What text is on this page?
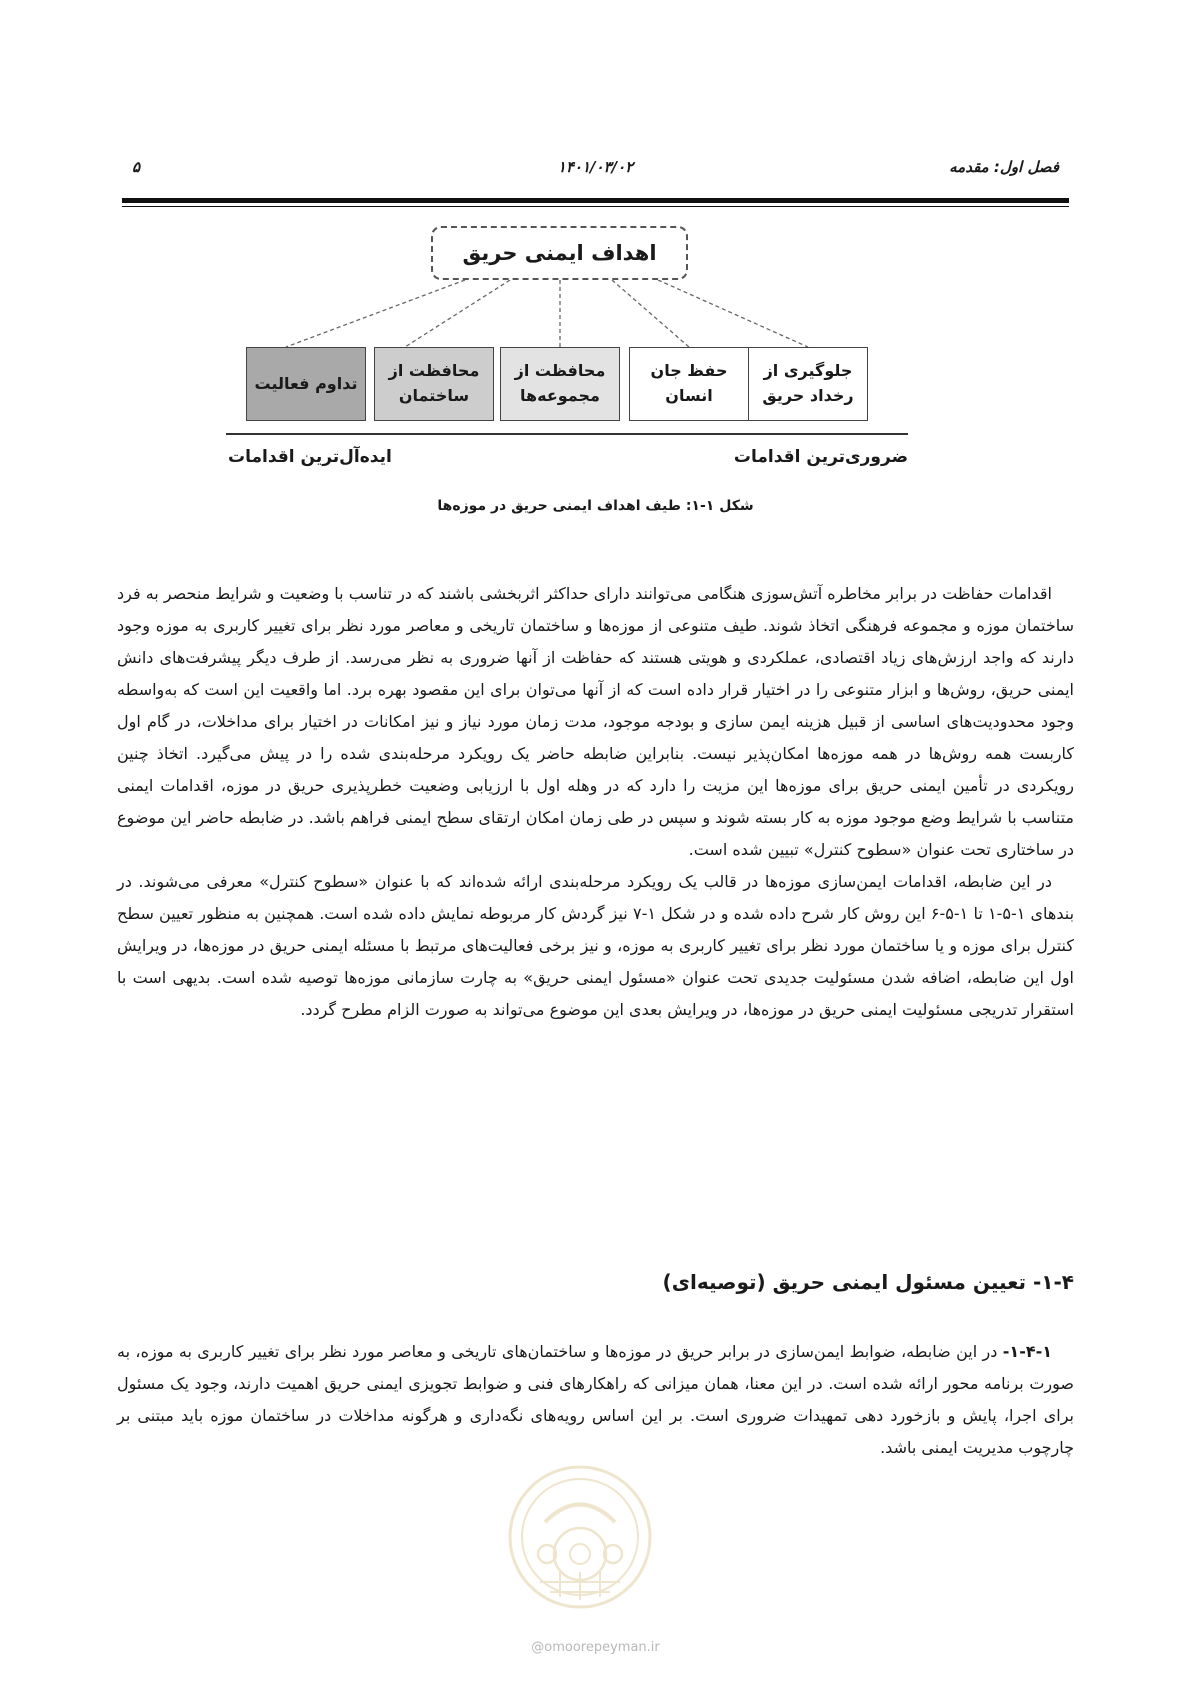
فصل اول: مقدمه
۱۴۰۱/۰۳/۰۲
۵
اهداف ایمنی حریق
جلوگیری از
رخداد حریق
حفظ جان
انسان
محافظت از
مجموعه‌ها
محافظت از
ساختمان
تداوم فعالیت
ضروری‌ترین اقدامات
ایده‌آل‌ترین اقدامات
شکل ۱-۱: طیف اهداف ایمنی حریق در موزه‌ها

اقدامات حفاظت در برابر مخاطره آتش‌سوزی هنگامی می‌توانند دارای حداکثر اثربخشی باشند که در تناسب با وضعیت و شرایط منحصر به فرد ساختمان موزه و مجموعه فرهنگی اتخاذ شوند. طیف متنوعی از موزه‌ها و ساختمان تاریخی و معاصر مورد نظر برای تغییر کاربری به موزه وجود دارند که واجد ارزش‌های زیاد اقتصادی، عملکردی و هویتی هستند که حفاظت از آنها ضروری به نظر می‌رسد. از طرف دیگر پیشرفت‌های دانش ایمنی حریق، روش‌ها و ابزار متنوعی را در اختیار قرار داده است که از آنها می‌توان برای این مقصود بهره برد. اما واقعیت این است که به‌واسطه وجود محدودیت‌های اساسی از قبیل هزینه ایمن سازی و بودجه موجود، مدت زمان مورد نیاز و نیز امکانات در اختیار برای مداخلات، در گام اول کاربست همه روش‌ها در همه موزه‌ها امکان‌پذیر نیست. بنابراین ضابطه حاضر یک رویکرد مرحله‌بندی شده را در پیش می‌گیرد. اتخاذ چنین رویکردی در تأمین ایمنی حریق برای موزه‌ها این مزیت را دارد که در وهله اول با ارزیابی وضعیت خطرپذیری حریق در موزه، اقدامات ایمنی متناسب با شرایط وضع موجود موزه به کار بسته شوند و سپس در طی زمان امکان ارتقای سطح ایمنی فراهم باشد. در ضابطه حاضر این موضوع در ساختاری تحت عنوان «سطوح کنترل» تبیین شده است.

در این ضابطه، اقدامات ایمن‌سازی موزه‌ها در قالب یک رویکرد مرحله‌بندی ارائه شده‌اند که با عنوان «سطوح کنترل» معرفی می‌شوند. در بندهای ۱-۵-۱ تا ۱-۵-۶ این روش کار شرح داده شده و در شکل ۱-۷ نیز گردش کار مربوطه نمایش داده شده است. همچنین به منظور تعیین سطح کنترل برای موزه و یا ساختمان مورد نظر برای تغییر کاربری به موزه، و نیز برخی فعالیت‌های مرتبط با مسئله ایمنی حریق در موزه‌ها، در ویرایش اول این ضابطه، اضافه شدن مسئولیت جدیدی تحت عنوان «مسئول ایمنی حریق» به چارت سازمانی موزه‌ها توصیه شده است. بدیهی است با استقرار تدریجی مسئولیت ایمنی حریق در موزه‌ها، در ویرایش بعدی این موضوع می‌تواند به صورت الزام مطرح گردد.

۱-۴- تعیین مسئول ایمنی حریق (توصیه‌ای)

۱-۴-۱- در این ضابطه، ضوابط ایمن‌سازی در برابر حریق در موزه‌ها و ساختمان‌های تاریخی و معاصر مورد نظر برای تغییر کاربری به موزه، به صورت برنامه محور ارائه شده است. در این معنا، همان میزانی که راهکارهای فنی و ضوابط تجویزی ایمنی حریق اهمیت دارند، وجود یک مسئول برای اجرا، پایش و بازخورد دهی تمهیدات ضروری است. بر این اساس رویه‌های نگه‌داری و هرگونه مداخلات در ساختمان موزه باید مبتنی بر چارچوب مدیریت ایمنی باشد.

@omoorepeyman.ir
